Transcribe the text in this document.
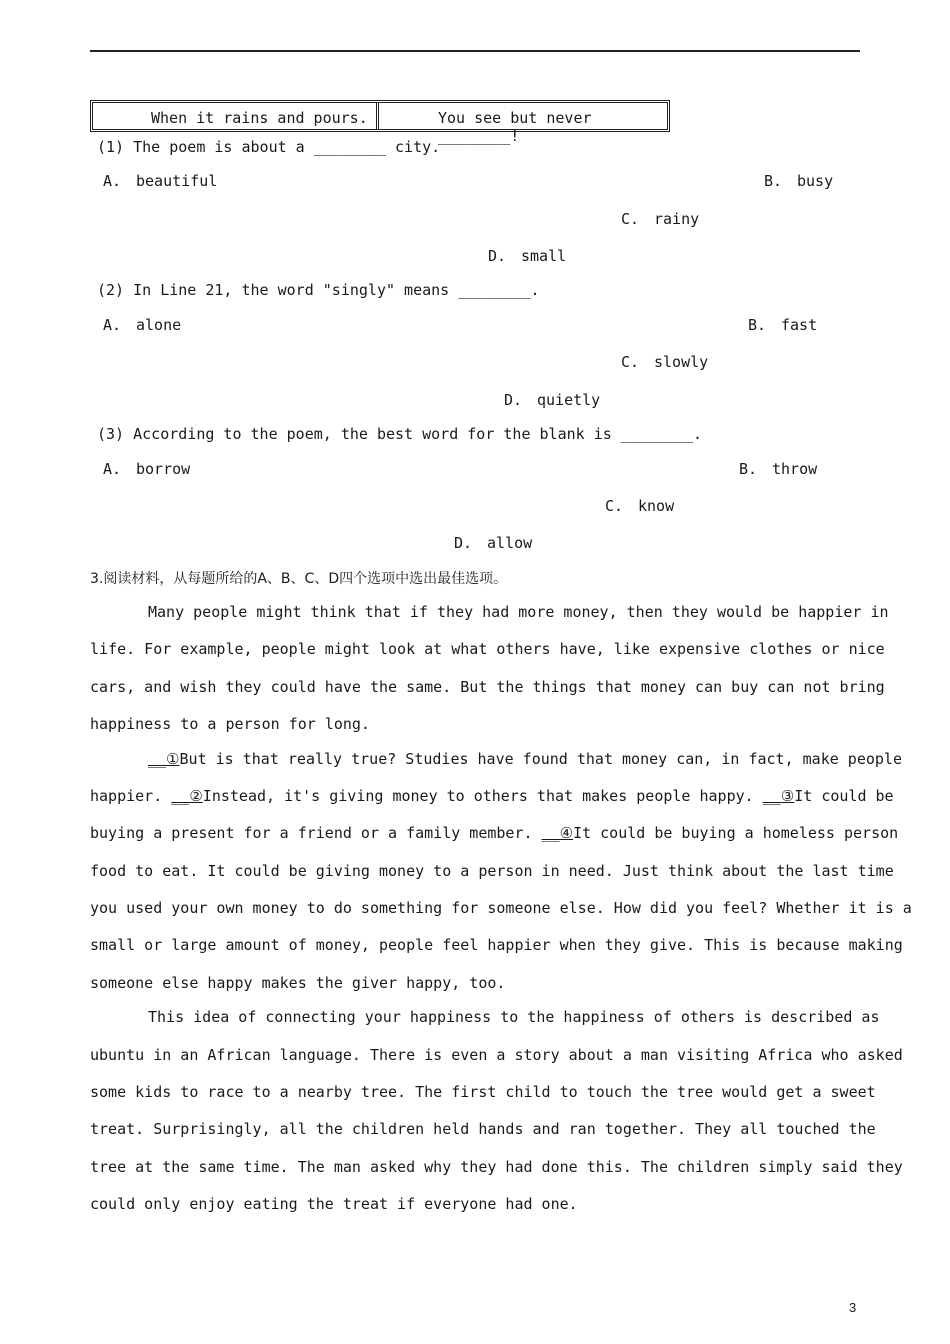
When it rains and pours.	You see but never ________!
(1) The poem is about a ________ city.
A. beautiful	B. busy
C. rainy
D. small
(2) In Line 21, the word "singly" means ________.
A. alone	B. fast
C. slowly
D. quietly
(3) According to the poem, the best word for the blank is ________.
A. borrow	B. throw
C. know
D. allow
3.阅读材料，从每题所给的A、B、C、D四个选项中选出最佳选项。
Many people might think that if they had more money, then they would be happier in
life. For example, people might look at what others have, like expensive clothes or nice
cars, and wish they could have the same. But the things that money can buy can not bring
happiness to a person for long.
__①But is that really true? Studies have found that money can, in fact, make people
happier. __②Instead, it's giving money to others that makes people happy. __③It could be
buying a present for a friend or a family member. __④It could be buying a homeless person
food to eat. It could be giving money to a person in need. Just think about the last time
you used your own money to do something for someone else. How did you feel? Whether it is a
small or large amount of money, people feel happier when they give. This is because making
someone else happy makes the giver happy, too.
This idea of connecting your happiness to the happiness of others is described as
ubuntu in an African language. There is even a story about a man visiting Africa who asked
some kids to race to a nearby tree. The first child to touch the tree would get a sweet
treat. Surprisingly, all the children held hands and ran together. They all touched the
tree at the same time. The man asked why they had done this. The children simply said they
could only enjoy eating the treat if everyone had one.
3
